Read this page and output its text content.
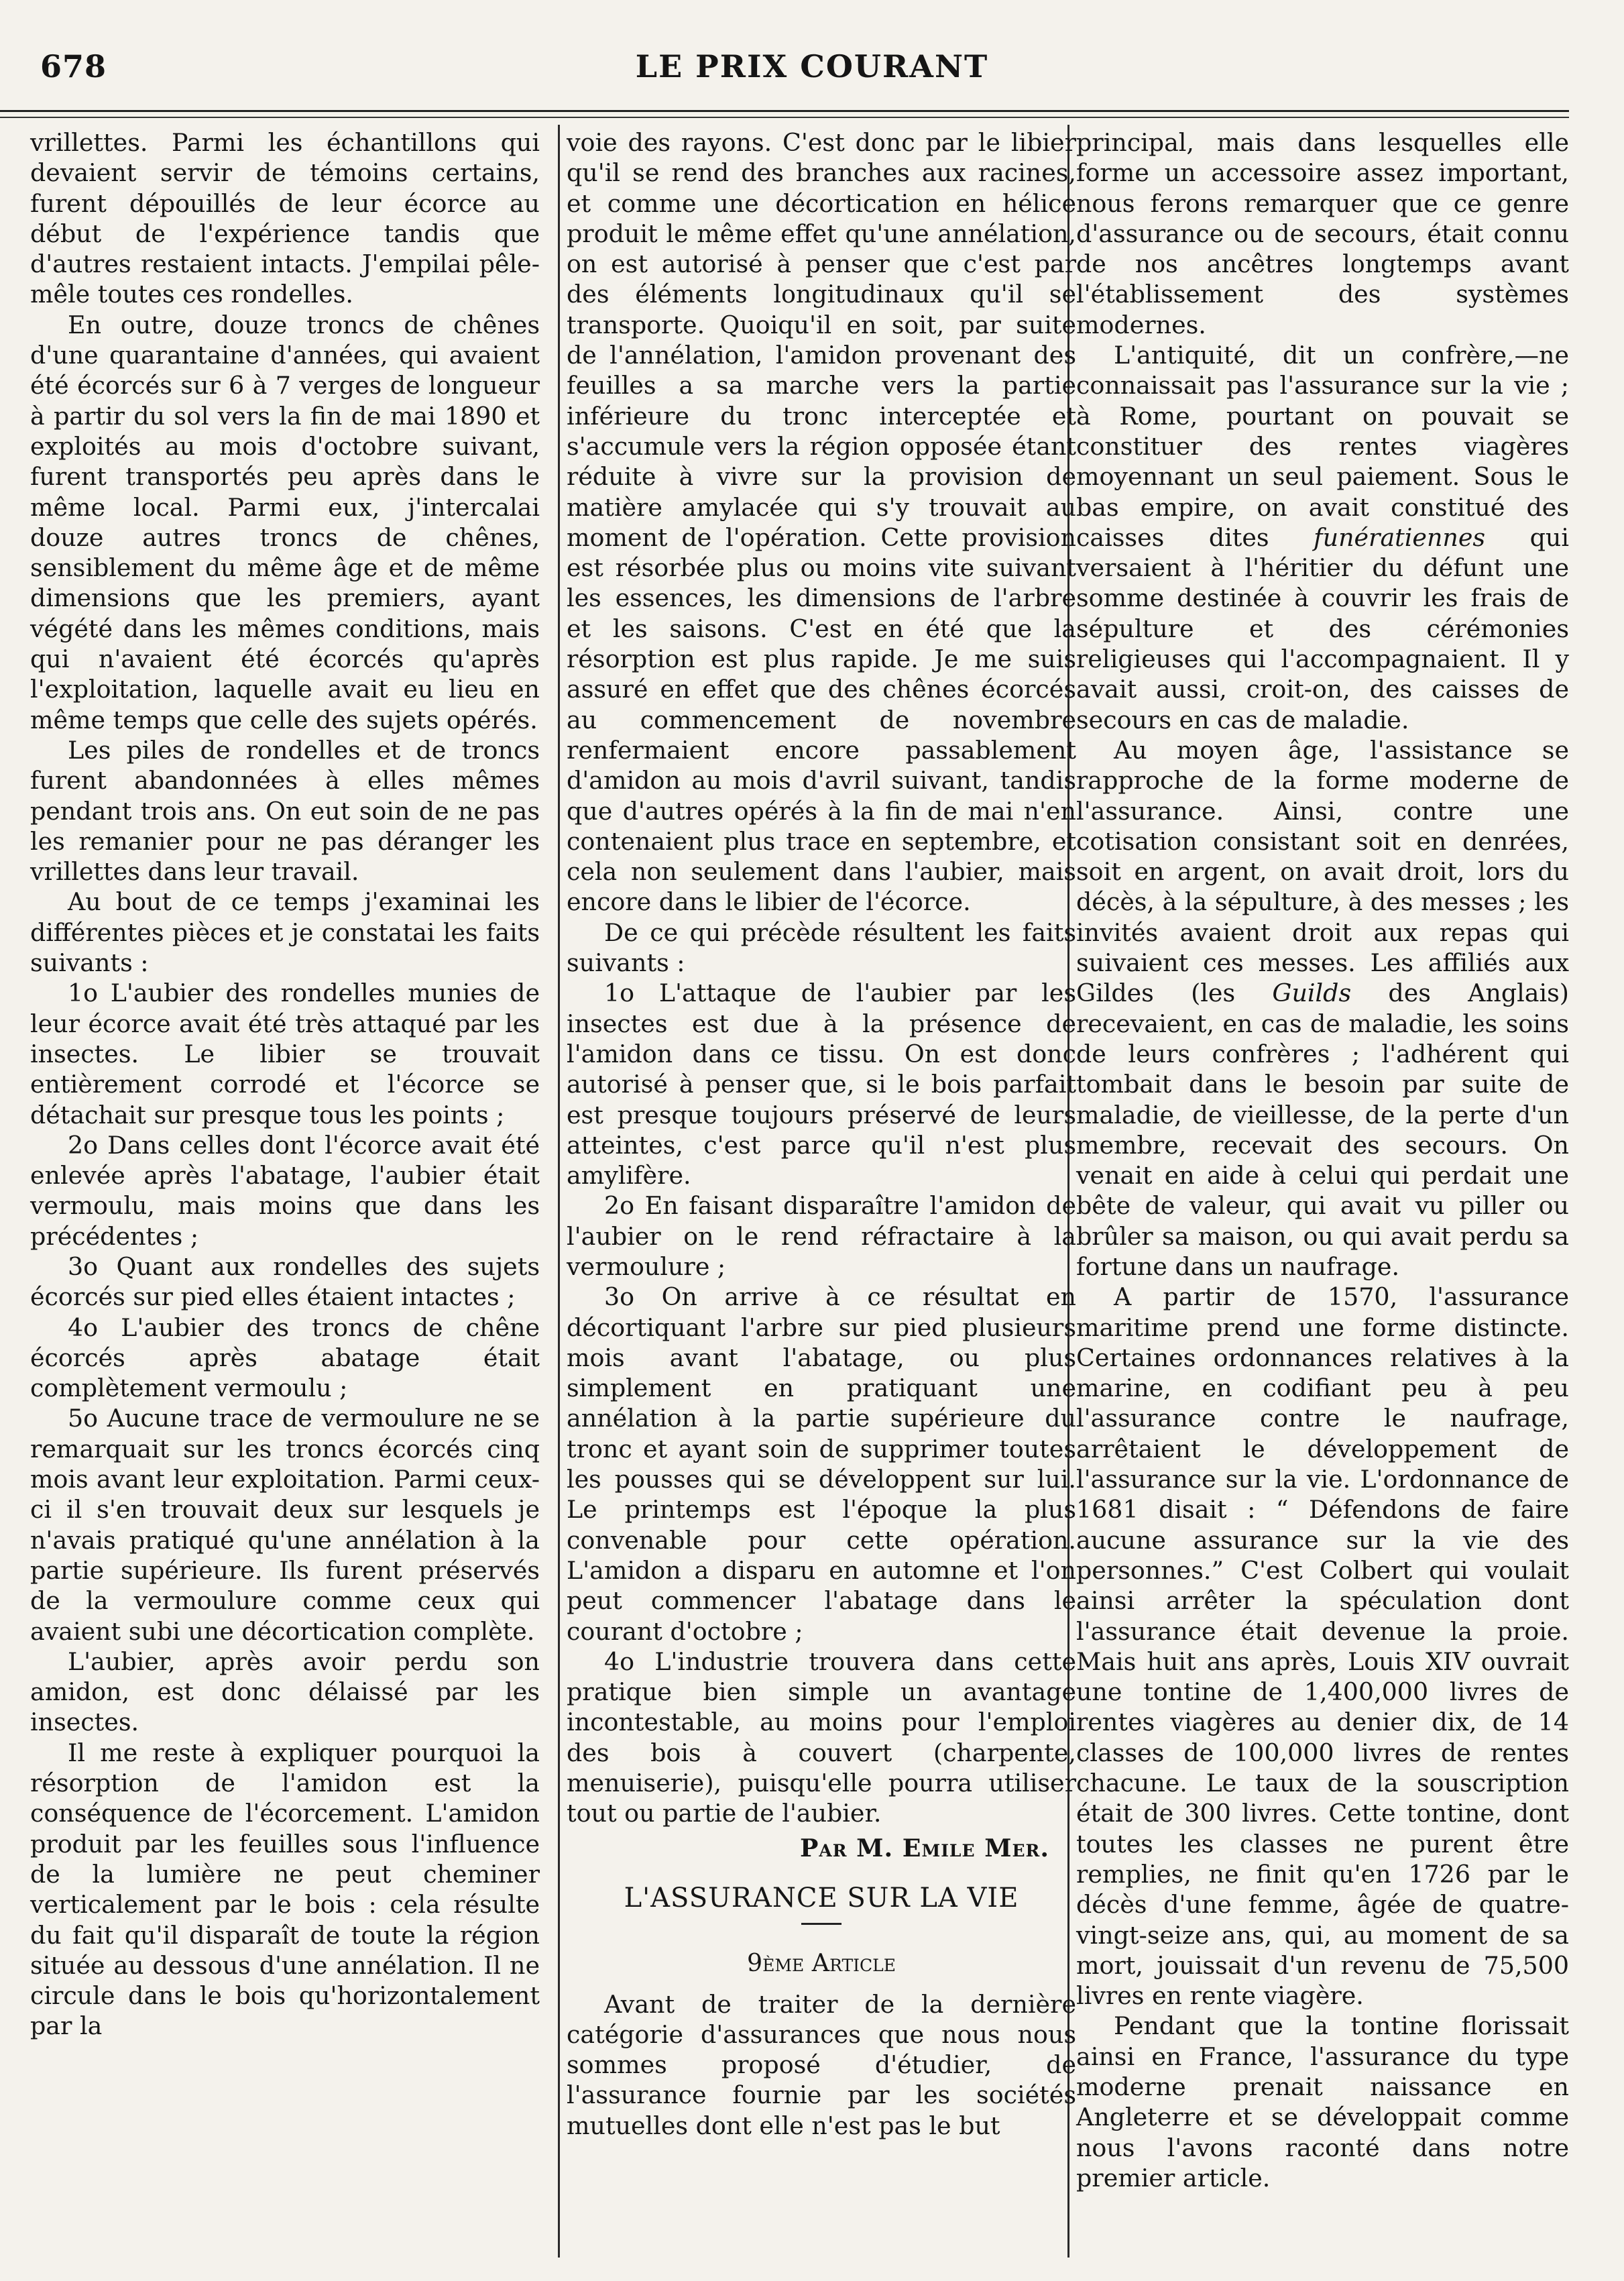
678	LE PRIX COURANT

vrillettes. Parmi les échantillons qui devaient servir de témoins certains, furent dépouillés de leur écorce au début de l'expérience tandis que d'autres restaient intacts. J'empilai pêle-mêle toutes ces rondelles.

En outre, douze troncs de chênes d'une quarantaine d'années, qui avaient été écorcés sur 6 à 7 verges de longueur à partir du sol vers la fin de mai 1890 et exploités au mois d'octobre suivant, furent transportés peu après dans le même local. Parmi eux, j'intercalai douze autres troncs de chênes, sensiblement du même âge et de même dimensions que les premiers, ayant végété dans les mêmes conditions, mais qui n'avaient été écorcés qu'après l'exploitation, laquelle avait eu lieu en même temps que celle des sujets opérés.

Les piles de rondelles et de troncs furent abandonnées à elles mêmes pendant trois ans. On eut soin de ne pas les remanier pour ne pas déranger les vrillettes dans leur travail.

Au bout de ce temps j'examinai les différentes pièces et je constatai les faits suivants :

1o L'aubier des rondelles munies de leur écorce avait été très attaqué par les insectes. Le libier se trouvait entièrement corrodé et l'écorce se détachait sur presque tous les points ;

2o Dans celles dont l'écorce avait été enlevée après l'abatage, l'aubier était vermoulu, mais moins que dans les précédentes ;

3o Quant aux rondelles des sujets écorcés sur pied elles étaient intactes ;

4o L'aubier des troncs de chêne écorcés après abatage était complètement vermoulu ;

5o Aucune trace de vermoulure ne se remarquait sur les troncs écorcés cinq mois avant leur exploitation. Parmi ceux-ci il s'en trouvait deux sur lesquels je n'avais pratiqué qu'une annélation à la partie supérieure. Ils furent préservés de la vermoulure comme ceux qui avaient subi une décortication complète.

L'aubier, après avoir perdu son amidon, est donc délaissé par les insectes.

Il me reste à expliquer pourquoi la résorption de l'amidon est la conséquence de l'écorcement. L'amidon produit par les feuilles sous l'influence de la lumière ne peut cheminer verticalement par le bois : cela résulte du fait qu'il disparaît de toute la région située au dessous d'une annélation. Il ne circule dans le bois qu'horizontalement par la

voie des rayons. C'est donc par le libier qu'il se rend des branches aux racines, et comme une décortication en hélice produit le même effet qu'une annélation, on est autorisé à penser que c'est par des éléments longitudinaux qu'il se transporte. Quoiqu'il en soit, par suite de l'annélation, l'amidon provenant des feuilles a sa marche vers la partie inférieure du tronc interceptée et s'accumule vers la région opposée étant réduite à vivre sur la provision de matière amylacée qui s'y trouvait au moment de l'opération. Cette provision est résorbée plus ou moins vite suivant les essences, les dimensions de l'arbre et les saisons. C'est en été que la résorption est plus rapide. Je me suis assuré en effet que des chênes écorcés au commencement de novembre renfermaient encore passablement d'amidon au mois d'avril suivant, tandis que d'autres opérés à la fin de mai n'en contenaient plus trace en septembre, et cela non seulement dans l'aubier, mais encore dans le libier de l'écorce.

De ce qui précède résultent les faits suivants :

1o L'attaque de l'aubier par les insectes est due à la présence de l'amidon dans ce tissu. On est donc autorisé à penser que, si le bois parfait est presque toujours préservé de leurs atteintes, c'est parce qu'il n'est plus amylifère.

2o En faisant disparaître l'amidon de l'aubier on le rend réfractaire à la vermoulure ;

3o On arrive à ce résultat en décortiquant l'arbre sur pied plusieurs mois avant l'abatage, ou plus simplement en pratiquant une annélation à la partie supérieure du tronc et ayant soin de supprimer toutes les pousses qui se développent sur lui. Le printemps est l'époque la plus convenable pour cette opération. L'amidon a disparu en automne et l'on peut commencer l'abatage dans le courant d'octobre ;

4o L'industrie trouvera dans cette pratique bien simple un avantage incontestable, au moins pour l'emploi des bois à couvert (charpente, menuiserie), puisqu'elle pourra utiliser tout ou partie de l'aubier.

Par M. Emile Mer.

L'ASSURANCE SUR LA VIE

9ème Article

Avant de traiter de la dernière catégorie d'assurances que nous nous sommes proposé d'étudier, de l'assurance fournie par les sociétés mutuelles dont elle n'est pas le but

principal, mais dans lesquelles elle forme un accessoire assez important, nous ferons remarquer que ce genre d'assurance ou de secours, était connu de nos ancêtres longtemps avant l'établissement des systèmes modernes.

L'antiquité, dit un confrère,—ne connaissait pas l'assurance sur la vie ; à Rome, pourtant on pouvait se constituer des rentes viagères moyennant un seul paiement. Sous le bas empire, on avait constitué des caisses dites funératiennes qui versaient à l'héritier du défunt une somme destinée à couvrir les frais de sépulture et des cérémonies religieuses qui l'accompagnaient. Il y avait aussi, croit-on, des caisses de secours en cas de maladie.

Au moyen âge, l'assistance se rapproche de la forme moderne de l'assurance. Ainsi, contre une cotisation consistant soit en denrées, soit en argent, on avait droit, lors du décès, à la sépulture, à des messes ; les invités avaient droit aux repas qui suivaient ces messes. Les affiliés aux Gildes (les Guilds des Anglais) recevaient, en cas de maladie, les soins de leurs confrères ; l'adhérent qui tombait dans le besoin par suite de maladie, de vieillesse, de la perte d'un membre, recevait des secours. On venait en aide à celui qui perdait une bête de valeur, qui avait vu piller ou brûler sa maison, ou qui avait perdu sa fortune dans un naufrage.

A partir de 1570, l'assurance maritime prend une forme distincte. Certaines ordonnances relatives à la marine, en codifiant peu à peu l'assurance contre le naufrage, arrêtaient le développement de l'assurance sur la vie. L'ordonnance de 1681 disait : “ Défendons de faire aucune assurance sur la vie des personnes.” C'est Colbert qui voulait ainsi arrêter la spéculation dont l'assurance était devenue la proie. Mais huit ans après, Louis XIV ouvrait une tontine de 1,400,000 livres de rentes viagères au denier dix, de 14 classes de 100,000 livres de rentes chacune. Le taux de la souscription était de 300 livres. Cette tontine, dont toutes les classes ne purent être remplies, ne finit qu'en 1726 par le décès d'une femme, âgée de quatre-vingt-seize ans, qui, au moment de sa mort, jouissait d'un revenu de 75,500 livres en rente viagère.

Pendant que la tontine florissait ainsi en France, l'assurance du type moderne prenait naissance en Angleterre et se développait comme nous l'avons raconté dans notre premier article.
